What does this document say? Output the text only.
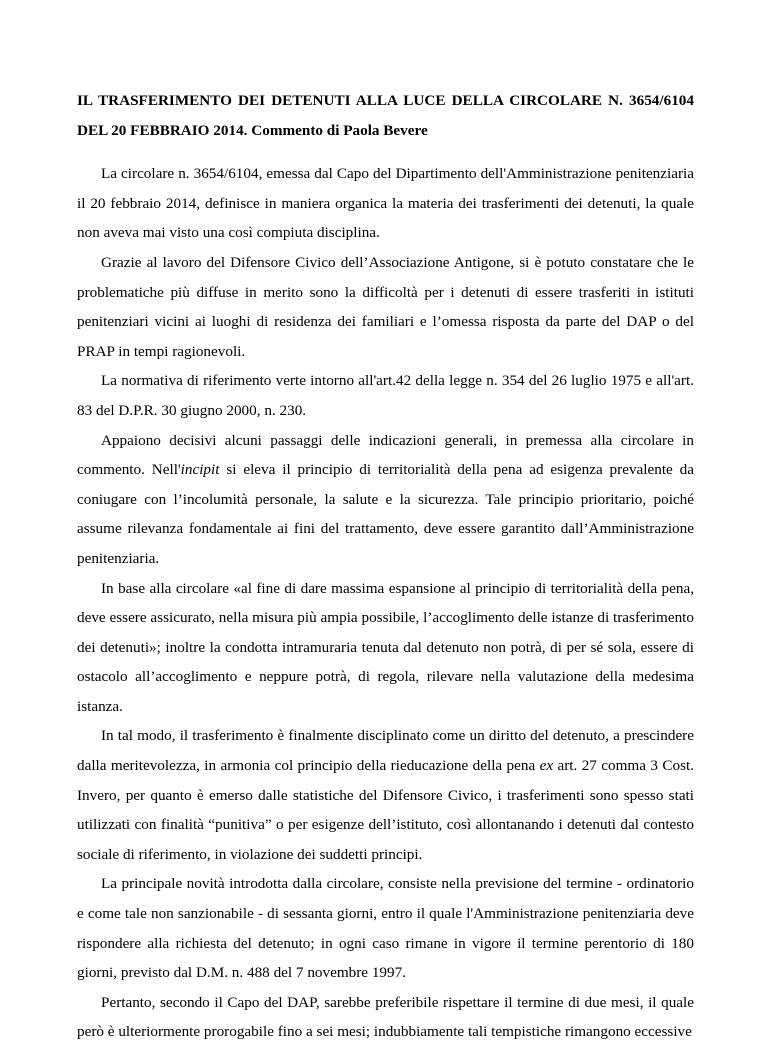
IL TRASFERIMENTO DEI DETENUTI ALLA LUCE DELLA CIRCOLARE N. 3654/6104 DEL 20 FEBBRAIO 2014. Commento di Paola Bevere

La circolare n. 3654/6104, emessa dal Capo del Dipartimento dell'Amministrazione penitenziaria il 20 febbraio 2014, definisce in maniera organica la materia dei trasferimenti dei detenuti, la quale non aveva mai visto una così compiuta disciplina.

Grazie al lavoro del Difensore Civico dell’Associazione Antigone, si è potuto constatare che le problematiche più diffuse in merito sono la difficoltà per i detenuti di essere trasferiti in istituti penitenziari vicini ai luoghi di residenza dei familiari e l’omessa risposta da parte del DAP o del PRAP in tempi ragionevoli.

La normativa di riferimento verte intorno all'art.42 della legge n. 354 del 26 luglio 1975 e all'art. 83 del D.P.R. 30 giugno 2000, n. 230.

Appaiono decisivi alcuni passaggi delle indicazioni generali, in premessa alla circolare in commento. Nell'incipit si eleva il principio di territorialità della pena ad esigenza prevalente da coniugare con l’incolumità personale, la salute e la sicurezza. Tale principio prioritario, poiché assume rilevanza fondamentale ai fini del trattamento, deve essere garantito dall’Amministrazione penitenziaria.

In base alla circolare «al fine di dare massima espansione al principio di territorialità della pena, deve essere assicurato, nella misura più ampia possibile, l’accoglimento delle istanze di trasferimento dei detenuti»; inoltre la condotta intramuraria tenuta dal detenuto non potrà, di per sé sola, essere di ostacolo all’accoglimento e neppure potrà, di regola, rilevare nella valutazione della medesima istanza.

In tal modo, il trasferimento è finalmente disciplinato come un diritto del detenuto, a prescindere dalla meritevolezza, in armonia col principio della rieducazione della pena ex art. 27 comma 3 Cost. Invero, per quanto è emerso dalle statistiche del Difensore Civico, i trasferimenti sono spesso stati utilizzati con finalità “punitiva” o per esigenze dell’istituto, così allontanando i detenuti dal contesto sociale di riferimento, in violazione dei suddetti principi.

La principale novità introdotta dalla circolare, consiste nella previsione del termine - ordinatorio e come tale non sanzionabile - di sessanta giorni, entro il quale l'Amministrazione penitenziaria deve rispondere alla richiesta del detenuto; in ogni caso rimane in vigore il termine perentorio di 180 giorni, previsto dal D.M. n. 488 del 7 novembre 1997.

Pertanto, secondo il Capo del DAP, sarebbe preferibile rispettare il termine di due mesi, il quale però è ulteriormente prorogabile fino a sei mesi; indubbiamente tali tempistiche rimangono eccessive
